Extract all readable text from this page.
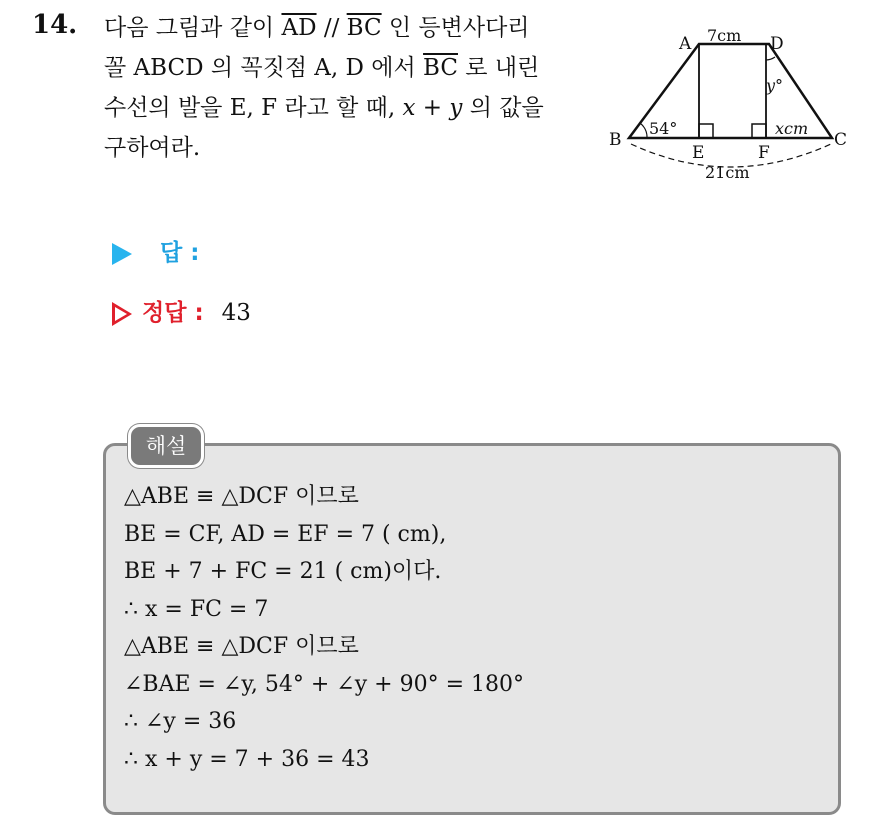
14. 다음 그림과 같이 $\overline{AD} // \overline{BC}$ 인 등변사다리
꼴 ABCD 의 꼭짓점 A, D 에서 $\overline{BC}$ 로 내린
수선의 발을 E, F 라고 할 때, x + y 의 값을
구하여라.
A	D
B	C
E	F
7cm
54°
y°
xcm
21cm
답 :
정답 : 43
해설
△ABE ≡ △DCF 이므로
BE = CF, AD = EF = 7 ( cm),
BE + 7 + FC = 21 ( cm)이다.
∴ x = FC = 7
△ABE ≡ △DCF 이므로
∠BAE = ∠y, 54° + ∠y + 90° = 180°
∴ ∠y = 36
∴ x + y = 7 + 36 = 43
